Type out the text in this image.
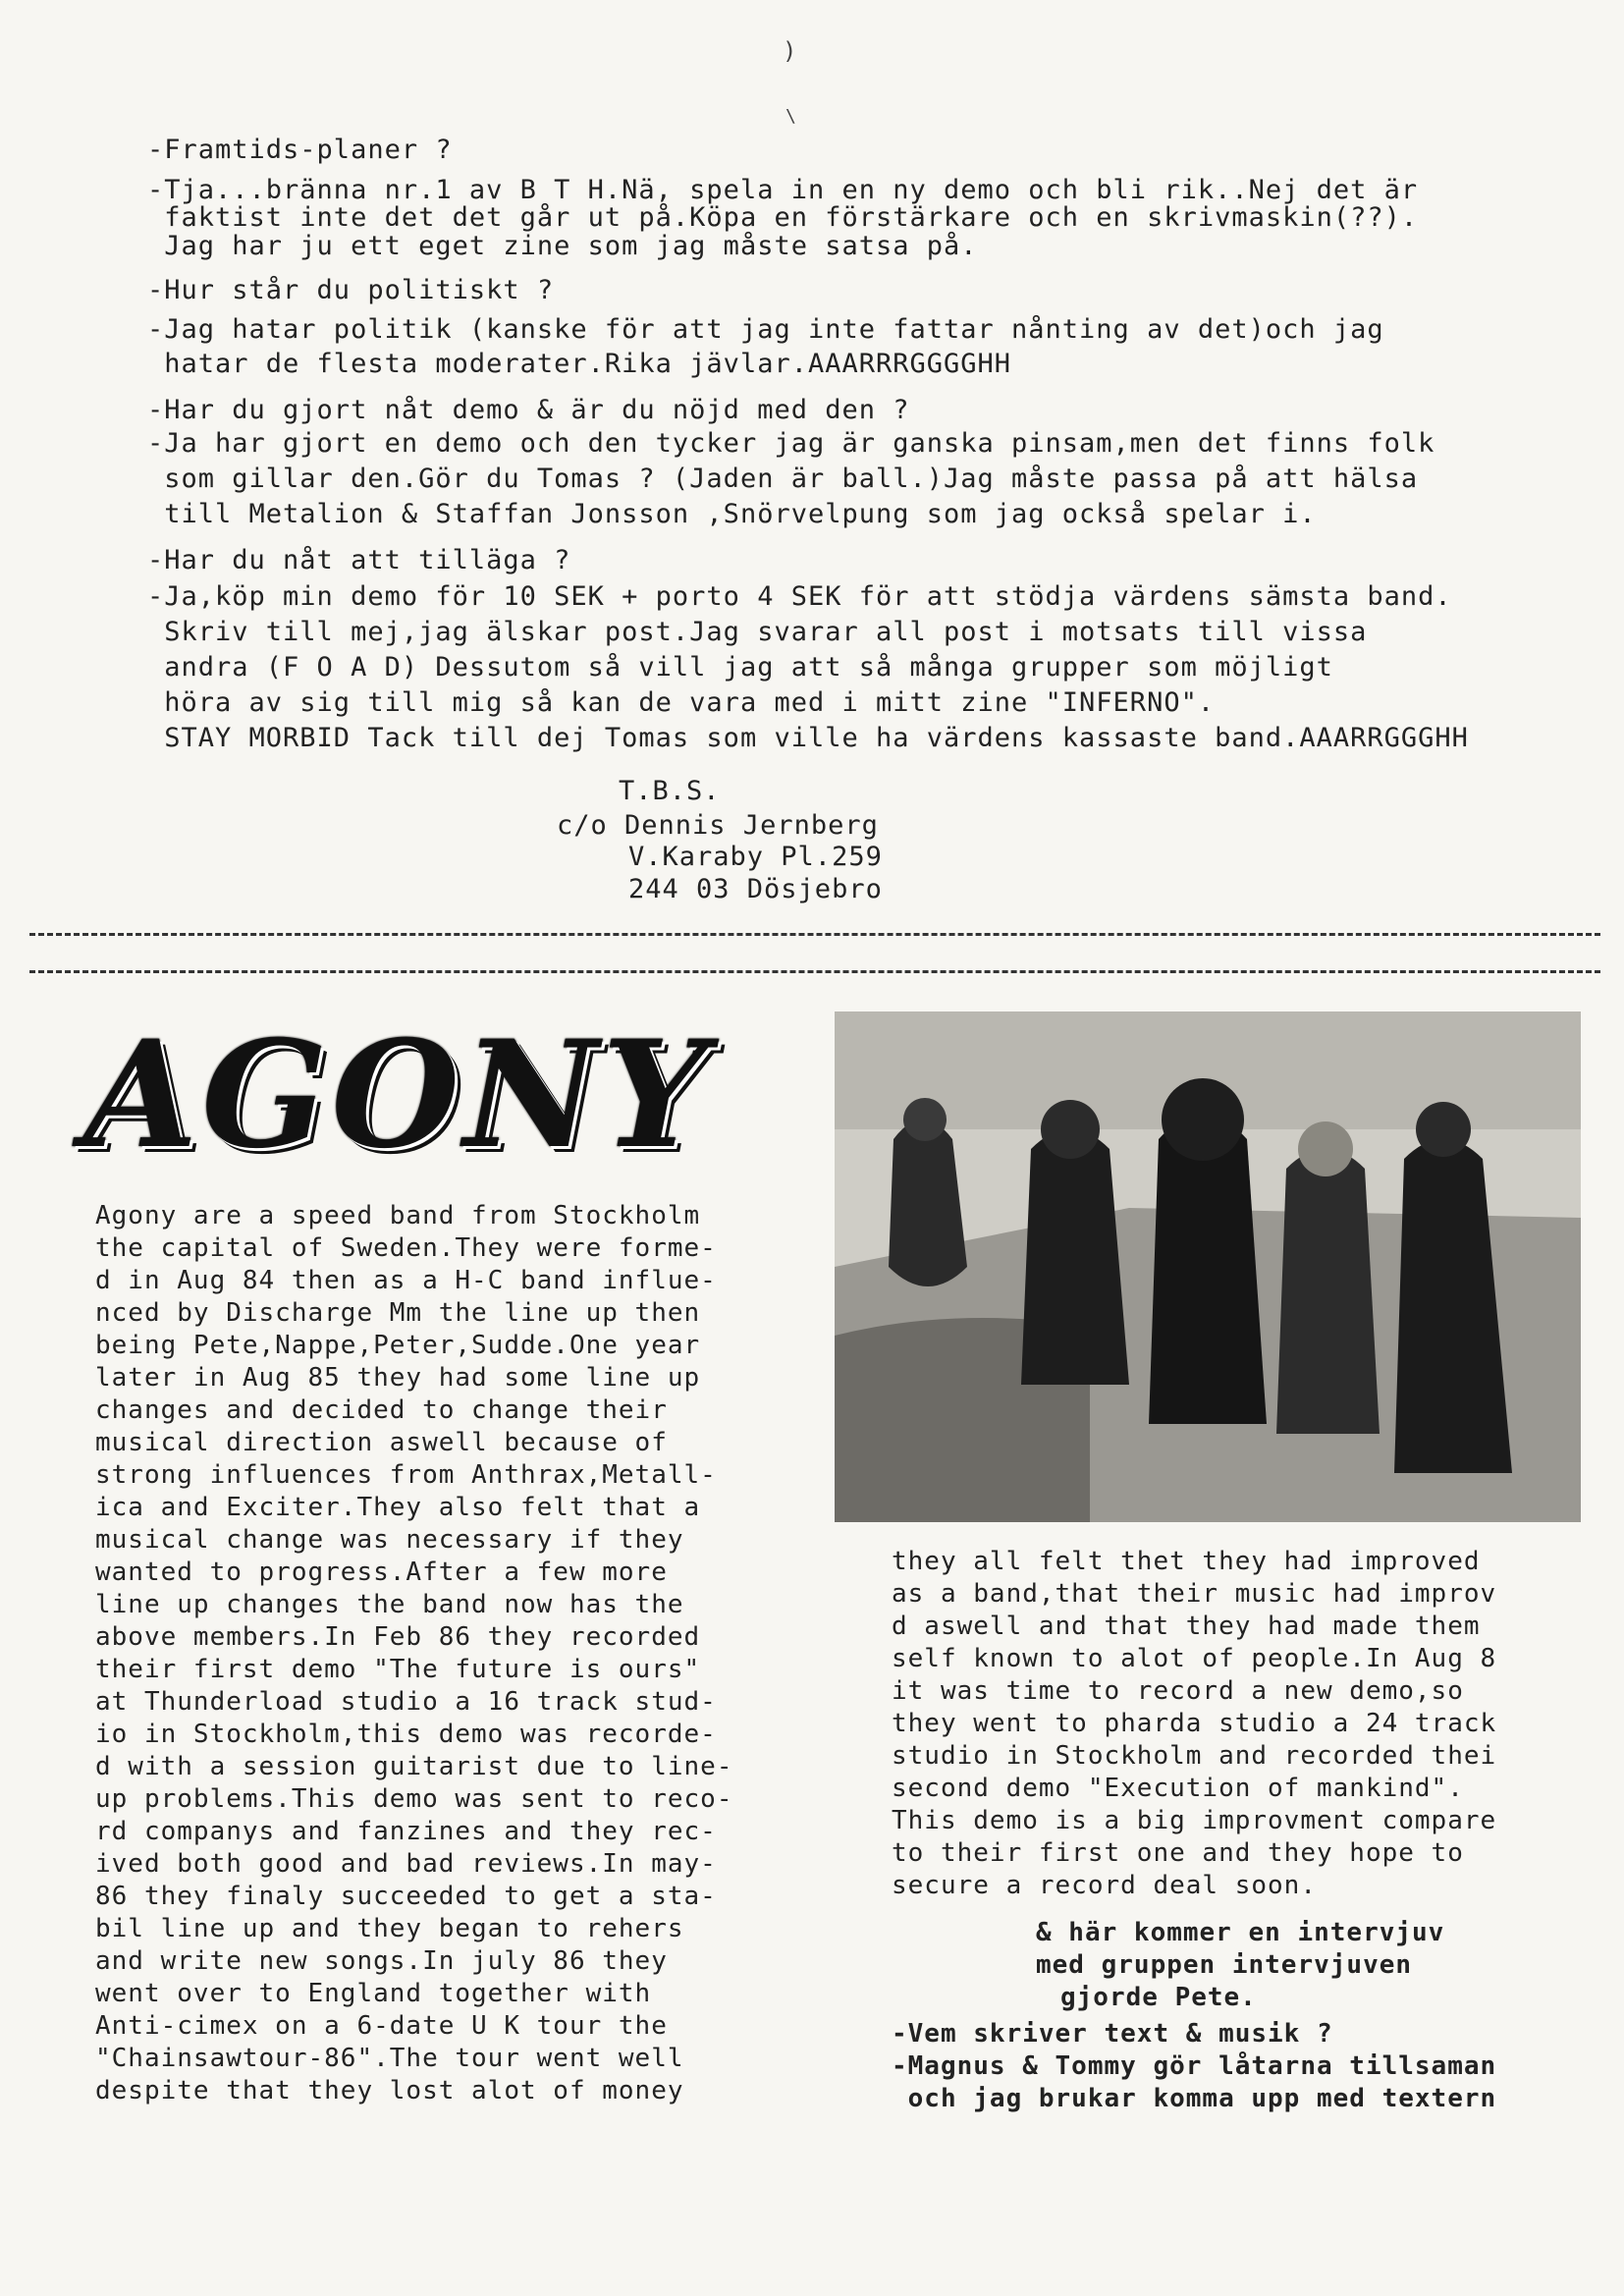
)
\
-Framtids-planer ?
-Tja...bränna nr.1 av B T H.Nä, spela in en ny demo och bli rik..Nej det är
faktist inte det det går ut på.Köpa en förstärkare och en skrivmaskin(??).
Jag har ju ett eget zine som jag måste satsa på.
-Hur står du politiskt ?
-Jag hatar politik (kanske för att jag inte fattar nånting av det)och jag
hatar de flesta moderater.Rika jävlar.AAARRRGGGGHH
-Har du gjort nåt demo & är du nöjd med den ?
-Ja har gjort en demo och den tycker jag är ganska pinsam,men det finns folk
som gillar den.Gör du Tomas ? (Jaden är ball.)Jag måste passa på att hälsa
till Metalion & Staffan Jonsson ,Snörvelpung som jag också spelar i.
-Har du nåt att tilläga ?
-Ja,köp min demo för 10 SEK + porto 4 SEK för att stödja värdens sämsta band.
Skriv till mej,jag älskar post.Jag svarar all post i motsats till vissa
andra (F O A D) Dessutom så vill jag att så många grupper som möjligt
höra av sig till mig så kan de vara med i mitt zine "INFERNO".
STAY MORBID Tack till dej Tomas som ville ha värdens kassaste band.AAARRGGGHH
T.B.S.
c/o Dennis Jernberg
V.Karaby Pl.259
244 03 Dösjebro
AGONY
Agony are a speed band from Stockholm
the capital of Sweden.They were forme-
d in Aug 84 then as a H-C band influe-
nced by Discharge Mm the line up then
being Pete,Nappe,Peter,Sudde.One year
later in Aug 85 they had some line up
changes and decided to change their
musical direction aswell because of
strong influences from Anthrax,Metall-
ica and Exciter.They also felt that a
musical change was necessary if they
wanted to progress.After a few more
line up changes the band now has the
above members.In Feb 86 they recorded
their first demo "The future is ours"
at Thunderload studio a 16 track stud-
io in Stockholm,this demo was recorde-
d with a session guitarist due to line-
up problems.This demo was sent to reco-
rd companys and fanzines and they rec-
ived both good and bad reviews.In may-
86 they finaly succeeded to get a sta-
bil line up and they began to rehers
and write new songs.In july 86 they
went over to England together with
Anti-cimex on a 6-date U K tour the
"Chainsawtour-86".The tour went well
despite that they lost alot of money
they all felt thet they had improved
as a band,that their music had improv
d aswell and that they had made them
self known to alot of people.In Aug 8
it was time to record a new demo,so
they went to pharda studio a 24 track
studio in Stockholm and recorded thei
second demo "Execution of mankind".
This demo is a big improvment compare
to their first one and they hope to
secure a record deal soon.
& här kommer en intervjuv
med gruppen intervjuven
gjorde Pete.
-Vem skriver text & musik ?
-Magnus & Tommy gör låtarna tillsaman
och jag brukar komma upp med textern
